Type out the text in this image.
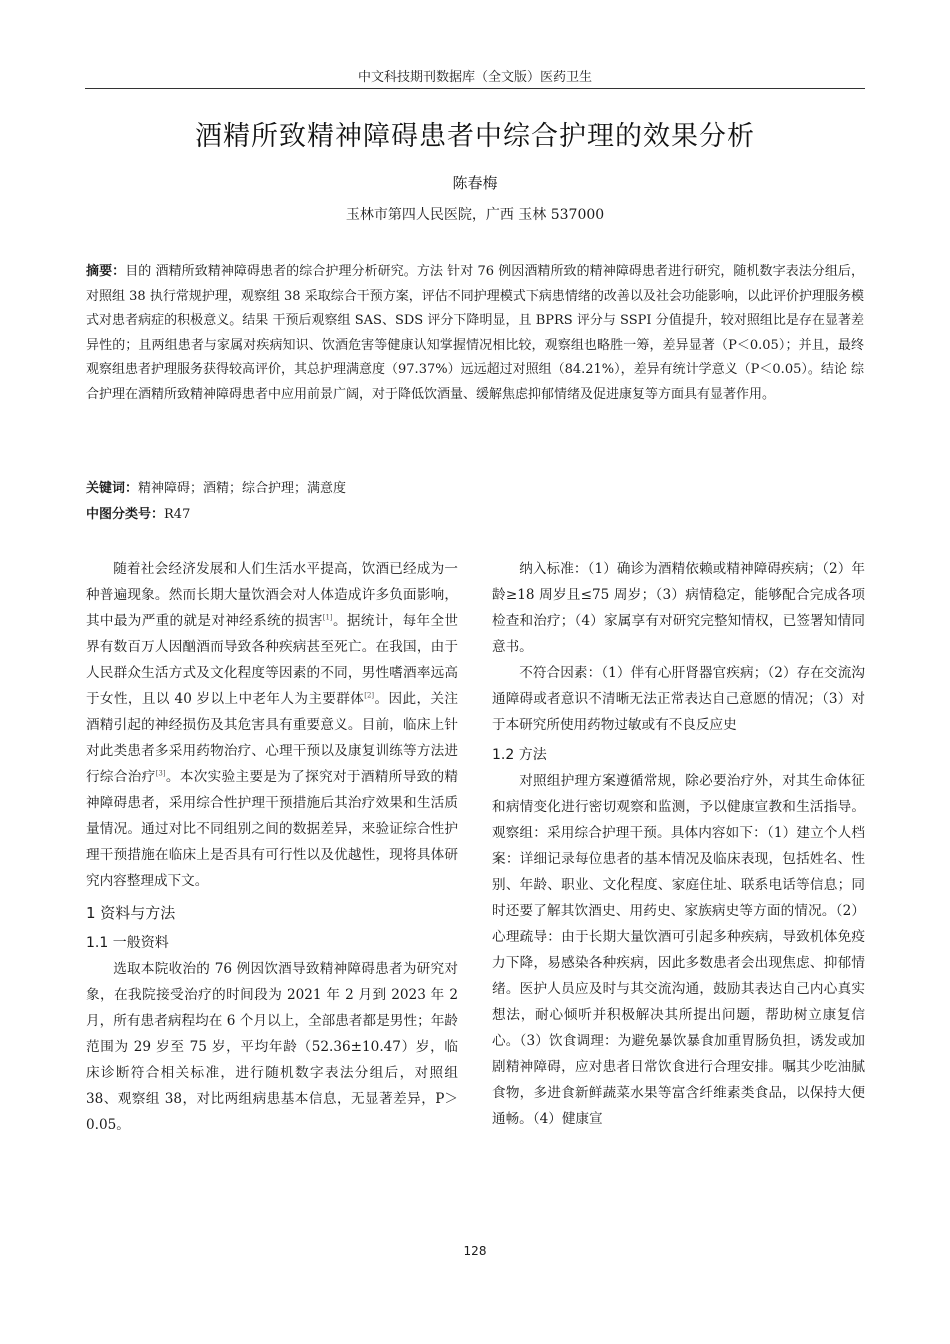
中文科技期刊数据库（全文版）医药卫生
酒精所致精神障碍患者中综合护理的效果分析
陈春梅
玉林市第四人民医院，广西 玉林 537000
摘要：目的 酒精所致精神障碍患者的综合护理分析研究。方法 针对 76 例因酒精所致的精神障碍患者进行研究，随机数字表法分组后，对照组 38 执行常规护理，观察组 38 采取综合干预方案，评估不同护理模式下病患情绪的改善以及社会功能影响，以此评价护理服务模式对患者病症的积极意义。结果 干预后观察组 SAS、SDS 评分下降明显，且 BPRS 评分与 SSPI 分值提升，较对照组比是存在显著差异性的；且两组患者与家属对疾病知识、饮酒危害等健康认知掌握情况相比较，观察组也略胜一筹，差异显著（P＜0.05）；并且，最终观察组患者护理服务获得较高评价，其总护理满意度（97.37%）远远超过对照组（84.21%），差异有统计学意义（P＜0.05）。结论 综合护理在酒精所致精神障碍患者中应用前景广阔，对于降低饮酒量、缓解焦虑抑郁情绪及促进康复等方面具有显著作用。
关键词：精神障碍；酒精；综合护理；满意度
中图分类号：R47

随着社会经济发展和人们生活水平提高，饮酒已经成为一种普遍现象。然而长期大量饮酒会对人体造成许多负面影响，其中最为严重的就是对神经系统的损害[1]。据统计，每年全世界有数百万人因酗酒而导致各种疾病甚至死亡。在我国，由于人民群众生活方式及文化程度等因素的不同，男性嗜酒率远高于女性，且以 40 岁以上中老年人为主要群体[2]。因此，关注酒精引起的神经损伤及其危害具有重要意义。目前，临床上针对此类患者多采用药物治疗、心理干预以及康复训练等方法进行综合治疗[3]。本次实验主要是为了探究对于酒精所导致的精神障碍患者，采用综合性护理干预措施后其治疗效果和生活质量情况。通过对比不同组别之间的数据差异，来验证综合性护理干预措施在临床上是否具有可行性以及优越性，现将具体研究内容整理成下文。

1 资料与方法
1.1 一般资料

选取本院收治的 76 例因饮酒导致精神障碍患者为研究对象，在我院接受治疗的时间段为 2021 年 2 月到 2023 年 2 月，所有患者病程均在 6 个月以上，全部患者都是男性；年龄范围为 29 岁至 75 岁，平均年龄（52.36±10.47）岁，临床诊断符合相关标准，进行随机数字表法分组后，对照组 38、观察组 38，对比两组病患基本信息，无显著差异，P＞0.05。

纳入标准：（1）确诊为酒精依赖或精神障碍疾病；（2）年龄≥18 周岁且≤75 周岁；（3）病情稳定，能够配合完成各项检查和治疗；（4）家属享有对研究完整知情权，已签署知情同意书。

不符合因素：（1）伴有心肝肾器官疾病；（2）存在交流沟通障碍或者意识不清晰无法正常表达自己意愿的情况；（3）对于本研究所使用药物过敏或有不良反应史

1.2 方法

对照组护理方案遵循常规，除必要治疗外，对其生命体征和病情变化进行密切观察和监测，予以健康宣教和生活指导。观察组：采用综合护理干预。具体内容如下：（1）建立个人档案：详细记录每位患者的基本情况及临床表现，包括姓名、性别、年龄、职业、文化程度、家庭住址、联系电话等信息；同时还要了解其饮酒史、用药史、家族病史等方面的情况。（2）心理疏导：由于长期大量饮酒可引起多种疾病，导致机体免疫力下降，易感染各种疾病，因此多数患者会出现焦虑、抑郁情绪。医护人员应及时与其交流沟通，鼓励其表达自己内心真实想法，耐心倾听并积极解决其所提出问题，帮助树立康复信心。（3）饮食调理：为避免暴饮暴食加重胃肠负担，诱发或加剧精神障碍，应对患者日常饮食进行合理安排。嘱其少吃油腻食物，多进食新鲜蔬菜水果等富含纤维素类食品，以保持大便通畅。（4）健康宣

128
